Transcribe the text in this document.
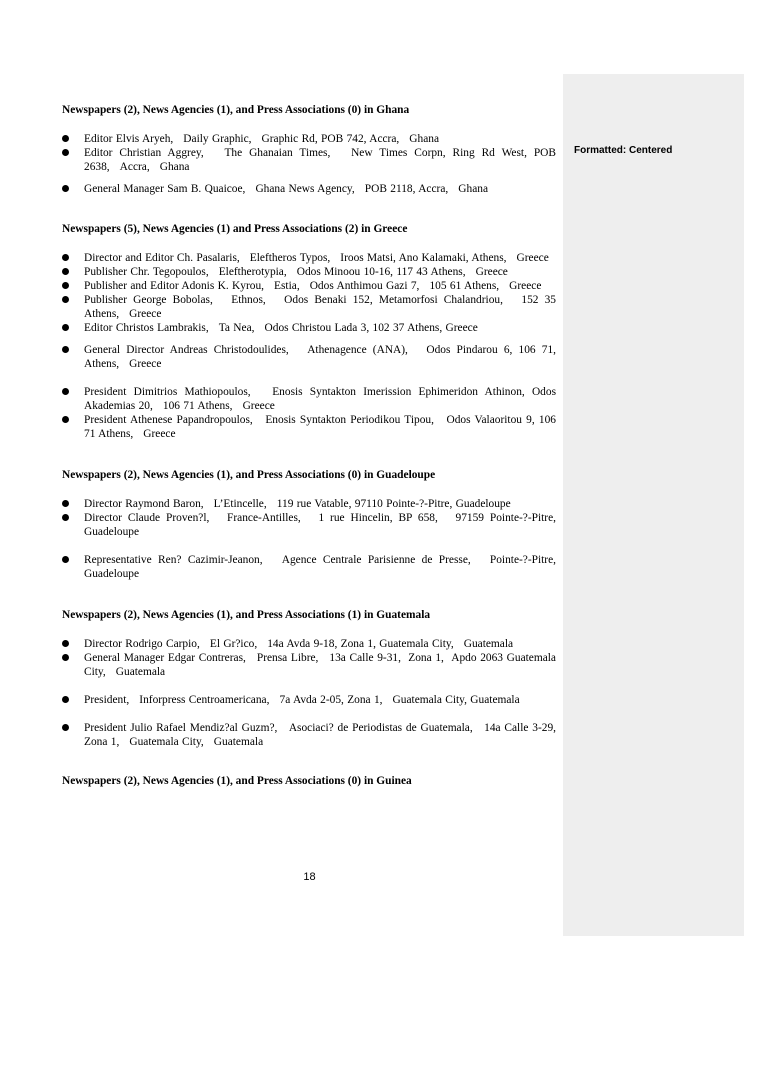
Formatted: Centered

Newspapers (2), News Agencies (1), and Press Associations (0) in Ghana

Editor Elvis Aryeh,   Daily Graphic,   Graphic Rd, POB 742, Accra,   Ghana
Editor Christian Aggrey,   The Ghanaian Times,   New Times Corpn, Ring Rd West, POB 2638,   Accra,   Ghana
General Manager Sam B. Quaicoe,   Ghana News Agency,   POB 2118, Accra,   Ghana

Newspapers (5), News Agencies (1) and Press Associations (2) in Greece

Director and Editor Ch. Pasalaris,   Eleftheros Typos,   Iroos Matsi, Ano Kalamaki, Athens,   Greece
Publisher Chr. Tegopoulos,   Eleftherotypia,   Odos Minoou 10-16, 117 43 Athens,   Greece
Publisher and Editor Adonis K. Kyrou,   Estia,   Odos Anthimou Gazi 7,   105 61 Athens,   Greece
Publisher George Bobolas,   Ethnos,   Odos Benaki 152, Metamorfosi Chalandriou,   152 35 Athens,   Greece
Editor Christos Lambrakis,   Ta Nea,   Odos Christou Lada 3, 102 37 Athens, Greece
General Director Andreas Christodoulides,   Athenagence (ANA),   Odos Pindarou 6, 106 71, Athens,   Greece
President Dimitrios Mathiopoulos,   Enosis Syntakton Imerission Ephimeridon Athinon, Odos Akademias 20,   106 71 Athens,   Greece
President Athenese Papandropoulos,   Enosis Syntakton Periodikou Tipou,   Odos Valaoritou 9, 106 71 Athens,   Greece

Newspapers (2), News Agencies (1), and Press Associations (0) in Guadeloupe

Director Raymond Baron,   L’Etincelle,   119 rue Vatable, 97110 Pointe-?-Pitre, Guadeloupe
Director Claude Proven?l,   France-Antilles,   1 rue Hincelin, BP 658,   97159 Pointe-?-Pitre, Guadeloupe
Representative Ren? Cazimir-Jeanon,   Agence Centrale Parisienne de Presse,   Pointe-?-Pitre, Guadeloupe

Newspapers (2), News Agencies (1), and Press Associations (1) in Guatemala

Director Rodrigo Carpio,   El Gr?ico,   14a Avda 9-18, Zona 1, Guatemala City,   Guatemala
General Manager Edgar Contreras,   Prensa Libre,   13a Calle 9-31,  Zona 1,  Apdo 2063 Guatemala City,   Guatemala
President,   Inforpress Centroamericana,   7a Avda 2-05, Zona 1,   Guatemala City, Guatemala
President Julio Rafael Mendiz?al Guzm?,   Asociaci? de Periodistas de Guatemala,   14a Calle 3-29, Zona 1,   Guatemala City,   Guatemala

Newspapers (2), News Agencies (1), and Press Associations (0) in Guinea

18
